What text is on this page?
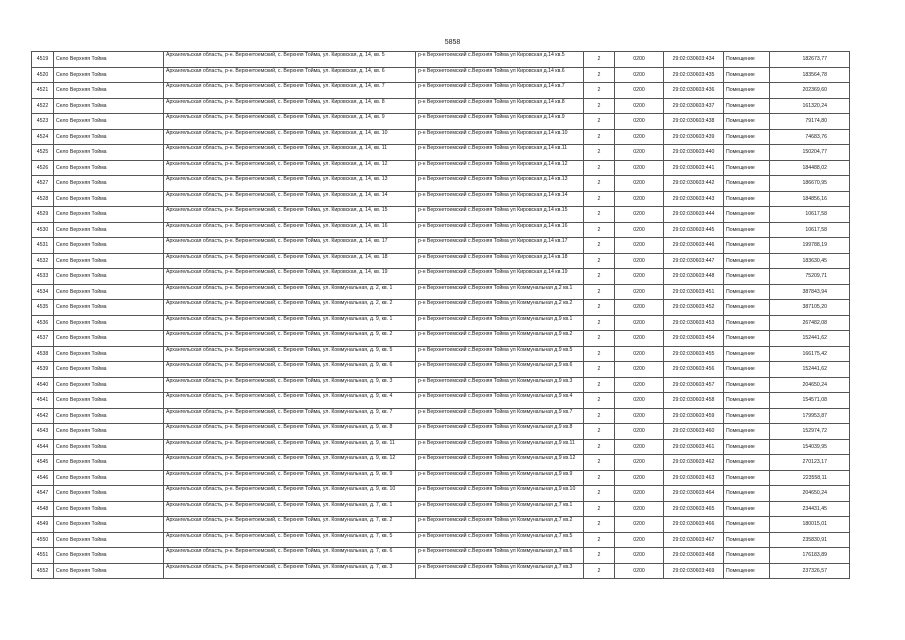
5858
4519	Село Верхняя Тойма	Архангельская область, р-н. Верхнетоемский, с. Верхняя Тойма, ул. Кировская, д. 14, кв. 5	р-н Верхнетоемский с.Верхняя Тойма ул Кировская д.14 кв.5	2	0200	29:02:030603:434	Помещение	182673,77
4520	Село Верхняя Тойма	Архангельская область, р-н. Верхнетоемский, с. Верхняя Тойма, ул. Кировская, д. 14, кв. 6	р-н Верхнетоемский с.Верхняя Тойма ул Кировская д.14 кв.6	2	0200	29:02:030603:435	Помещение	183564,78
4521	Село Верхняя Тойма	Архангельская область, р-н. Верхнетоемский, с. Верхняя Тойма, ул. Кировская, д. 14, кв. 7	р-н Верхнетоемский с.Верхняя Тойма ул Кировская д.14 кв.7	2	0200	29:02:030603:436	Помещение	202369,60
4522	Село Верхняя Тойма	Архангельская область, р-н. Верхнетоемский, с. Верхняя Тойма, ул. Кировская, д. 14, кв. 8	р-н Верхнетоемский с.Верхняя Тойма ул Кировская д.14 кв.8	2	0200	29:02:030603:437	Помещение	161320,24
4523	Село Верхняя Тойма	Архангельская область, р-н. Верхнетоемский, с. Верхняя Тойма, ул. Кировская, д. 14, кв. 9	р-н Верхнетоемский с.Верхняя Тойма ул Кировская д.14 кв.9	2	0200	29:02:030603:438	Помещение	79174,80
4524	Село Верхняя Тойма	Архангельская область, р-н. Верхнетоемский, с. Верхняя Тойма, ул. Кировская, д. 14, кв. 10	р-н Верхнетоемский с.Верхняя Тойма ул Кировская д.14 кв.10	2	0200	29:02:030603:439	Помещение	74683,76
4525	Село Верхняя Тойма	Архангельская область, р-н. Верхнетоемский, с. Верхняя Тойма, ул. Кировская, д. 14, кв. 11	р-н Верхнетоемский с.Верхняя Тойма ул Кировская д.14 кв.11	2	0200	29:02:030603:440	Помещение	150204,77
4526	Село Верхняя Тойма	Архангельская область, р-н. Верхнетоемский, с. Верхняя Тойма, ул. Кировская, д. 14, кв. 12	р-н Верхнетоемский с.Верхняя Тойма ул Кировская д.14 кв.12	2	0200	29:02:030603:441	Помещение	184488,02
4527	Село Верхняя Тойма	Архангельская область, р-н. Верхнетоемский, с. Верхняя Тойма, ул. Кировская, д. 14, кв. 13	р-н Верхнетоемский с.Верхняя Тойма ул Кировская д.14 кв.13	2	0200	29:02:030603:442	Помещение	186670,95
4528	Село Верхняя Тойма	Архангельская область, р-н. Верхнетоемский, с. Верхняя Тойма, ул. Кировская, д. 14, кв. 14	р-н Верхнетоемский с.Верхняя Тойма ул Кировская д.14 кв.14	2	0200	29:02:030603:443	Помещение	184856,16
4529	Село Верхняя Тойма	Архангельская область, р-н. Верхнетоемский, с. Верхняя Тойма, ул. Кировская, д. 14, кв. 15	р-н Верхнетоемский с.Верхняя Тойма ул Кировская д.14 кв.15	2	0200	29:02:030603:444	Помещение	10617,58
4530	Село Верхняя Тойма	Архангельская область, р-н. Верхнетоемский, с. Верхняя Тойма, ул. Кировская, д. 14, кв. 16	р-н Верхнетоемский с.Верхняя Тойма ул Кировская д.14 кв.16	2	0200	29:02:030603:445	Помещение	10617,58
4531	Село Верхняя Тойма	Архангельская область, р-н. Верхнетоемский, с. Верхняя Тойма, ул. Кировская, д. 14, кв. 17	р-н Верхнетоемский с.Верхняя Тойма ул Кировская д.14 кв.17	2	0200	29:02:030603:446	Помещение	199788,19
4532	Село Верхняя Тойма	Архангельская область, р-н. Верхнетоемский, с. Верхняя Тойма, ул. Кировская, д. 14, кв. 18	р-н Верхнетоемский с.Верхняя Тойма ул Кировская д.14 кв.18	2	0200	29:02:030603:447	Помещение	183630,45
4533	Село Верхняя Тойма	Архангельская область, р-н. Верхнетоемский, с. Верхняя Тойма, ул. Кировская, д. 14, кв. 19	р-н Верхнетоемский с.Верхняя Тойма ул Кировская д.14 кв.19	2	0200	29:02:030603:448	Помещение	75209,71
4534	Село Верхняя Тойма	Архангельская область, р-н. Верхнетоемский, с. Верхняя Тойма, ул. Коммунальная, д. 2, кв. 1	р-н Верхнетоемский с.Верхняя Тойма ул Коммунальная д.2 кв.1	2	0200	29:02:030603:451	Помещение	387843,94
4535	Село Верхняя Тойма	Архангельская область, р-н. Верхнетоемский, с. Верхняя Тойма, ул. Коммунальная, д. 2, кв. 2	р-н Верхнетоемский с.Верхняя Тойма ул Коммунальная д.2 кв.2	2	0200	29:02:030603:452	Помещение	387105,20
4536	Село Верхняя Тойма	Архангельская область, р-н. Верхнетоемский, с. Верхняя Тойма, ул. Коммунальная, д. 9, кв. 1	р-н Верхнетоемский с.Верхняя Тойма ул Коммунальная д.9 кв.1	2	0200	29:02:030603:453	Помещение	267482,08
4537	Село Верхняя Тойма	Архангельская область, р-н. Верхнетоемский, с. Верхняя Тойма, ул. Коммунальная, д. 9, кв. 2	р-н Верхнетоемский с.Верхняя Тойма ул Коммунальная д.9 кв.2	2	0200	29:02:030603:454	Помещение	152441,62
4538	Село Верхняя Тойма	Архангельская область, р-н. Верхнетоемский, с. Верхняя Тойма, ул. Коммунальная, д. 9, кв. 5	р-н Верхнетоемский с.Верхняя Тойма ул Коммунальная д.9 кв.5	2	0200	29:02:030603:455	Помещение	166175,42
4539	Село Верхняя Тойма	Архангельская область, р-н. Верхнетоемский, с. Верхняя Тойма, ул. Коммунальная, д. 9, кв. 6	р-н Верхнетоемский с.Верхняя Тойма ул Коммунальная д.9 кв.6	2	0200	29:02:030603:456	Помещение	152441,62
4540	Село Верхняя Тойма	Архангельская область, р-н. Верхнетоемский, с. Верхняя Тойма, ул. Коммунальная, д. 9, кв. 3	р-н Верхнетоемский с.Верхняя Тойма ул Коммунальная д.9 кв.3	2	0200	29:02:030603:457	Помещение	204650,24
4541	Село Верхняя Тойма	Архангельская область, р-н. Верхнетоемский, с. Верхняя Тойма, ул. Коммунальная, д. 9, кв. 4	р-н Верхнетоемский с.Верхняя Тойма ул Коммунальная д.9 кв.4	2	0200	29:02:030603:458	Помещение	154571,08
4542	Село Верхняя Тойма	Архангельская область, р-н. Верхнетоемский, с. Верхняя Тойма, ул. Коммунальная, д. 9, кв. 7	р-н Верхнетоемский с.Верхняя Тойма ул Коммунальная д.9 кв.7	2	0200	29:02:030603:459	Помещение	179953,87
4543	Село Верхняя Тойма	Архангельская область, р-н. Верхнетоемский, с. Верхняя Тойма, ул. Коммунальная, д. 9, кв. 8	р-н Верхнетоемский с.Верхняя Тойма ул Коммунальная д.9 кв.8	2	0200	29:02:030603:460	Помещение	152974,72
4544	Село Верхняя Тойма	Архангельская область, р-н. Верхнетоемский, с. Верхняя Тойма, ул. Коммунальная, д. 9, кв. 11	р-н Верхнетоемский с.Верхняя Тойма ул Коммунальная д.9 кв.11	2	0200	29:02:030603:461	Помещение	154039,95
4545	Село Верхняя Тойма	Архангельская область, р-н. Верхнетоемский, с. Верхняя Тойма, ул. Коммунальная, д. 9, кв. 12	р-н Верхнетоемский с.Верхняя Тойма ул Коммунальная д.9 кв.12	2	0200	29:02:030603:462	Помещение	270123,17
4546	Село Верхняя Тойма	Архангельская область, р-н. Верхнетоемский, с. Верхняя Тойма, ул. Коммунальная, д. 9, кв. 9	р-н Верхнетоемский с.Верхняя Тойма ул Коммунальная д.9 кв.9	2	0200	29:02:030603:463	Помещение	223558,11
4547	Село Верхняя Тойма	Архангельская область, р-н. Верхнетоемский, с. Верхняя Тойма, ул. Коммунальная, д. 9, кв. 10	р-н Верхнетоемский с.Верхняя Тойма ул Коммунальная д.9 кв.10	2	0200	29:02:030603:464	Помещение	204650,24
4548	Село Верхняя Тойма	Архангельская область, р-н. Верхнетоемский, с. Верхняя Тойма, ул. Коммунальная, д. 7, кв. 1	р-н Верхнетоемский с.Верхняя Тойма ул Коммунальная д.7 кв.1	2	0200	29:02:030603:465	Помещение	234431,45
4549	Село Верхняя Тойма	Архангельская область, р-н. Верхнетоемский, с. Верхняя Тойма, ул. Коммунальная, д. 7, кв. 2	р-н Верхнетоемский с.Верхняя Тойма ул Коммунальная д.7 кв.2	2	0200	29:02:030603:466	Помещение	180015,01
4550	Село Верхняя Тойма	Архангельская область, р-н. Верхнетоемский, с. Верхняя Тойма, ул. Коммунальная, д. 7, кв. 5	р-н Верхнетоемский с.Верхняя Тойма ул Коммунальная д.7 кв.5	2	0200	29:02:030603:467	Помещение	235830,91
4551	Село Верхняя Тойма	Архангельская область, р-н. Верхнетоемский, с. Верхняя Тойма, ул. Коммунальная, д. 7, кв. 6	р-н Верхнетоемский с.Верхняя Тойма ул Коммунальная д.7 кв.6	2	0200	29:02:030603:468	Помещение	176183,89
4552	Село Верхняя Тойма	Архангельская область, р-н. Верхнетоемский, с. Верхняя Тойма, ул. Коммунальная, д. 7, кв. 3	р-н Верхнетоемский с.Верхняя Тойма ул Коммунальная д.7 кв.3	2	0200	29:02:030603:469	Помещение	237326,57
